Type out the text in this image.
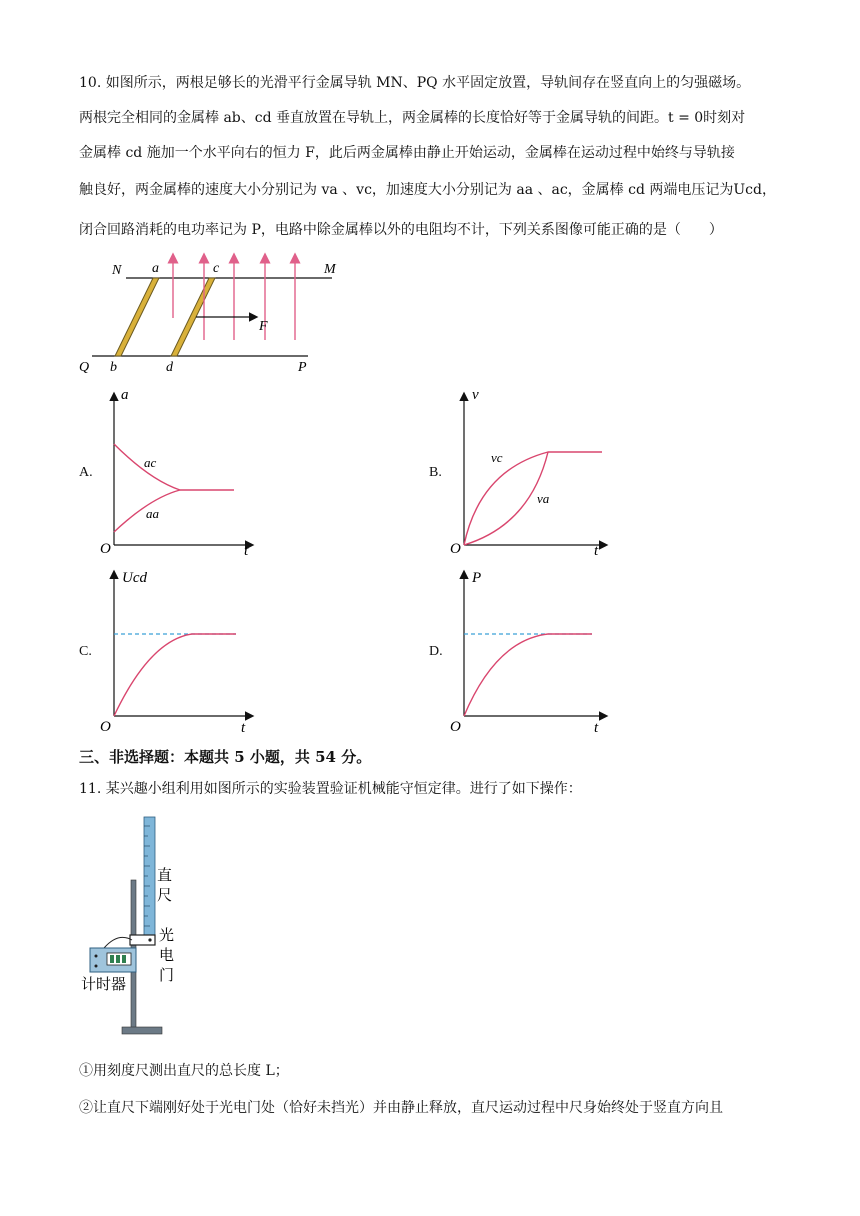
10. 如图所示，两根足够长的光滑平行金属导轨 MN、PQ 水平固定放置，导轨间存在竖直向上的匀强磁场。
两根完全相同的金属棒 ab、cd 垂直放置在导轨上，两金属棒的长度恰好等于金属导轨的间距。t = 0时刻对
金属棒 cd 施加一个水平向右的恒力 F，此后两金属棒由静止开始运动，金属棒在运动过程中始终与导轨接
触良好，两金属棒的速度大小分别记为 va 、vc，加速度大小分别记为 aa 、ac，金属棒 cd 两端电压记为Ucd，
闭合回路消耗的电功率记为 P，电路中除金属棒以外的电阻均不计，下列关系图像可能正确的是（　　）
N a	c	M
F
Q b	d	P
a
t
O
ac
aa
v
t
O
vc
va
Ucd
t
O
P
t
O
A.	B.
C.	D.
三、非选择题：本题共 5 小题，共 54 分。
11. 某兴趣小组利用如图所示的实验装置验证机械能守恒定律。进行了如下操作：
直
尺
光
电
门
计时器
①用刻度尺测出直尺的总长度 L；
②让直尺下端刚好处于光电门处（恰好未挡光）并由静止释放，直尺运动过程中尺身始终处于竖直方向且
